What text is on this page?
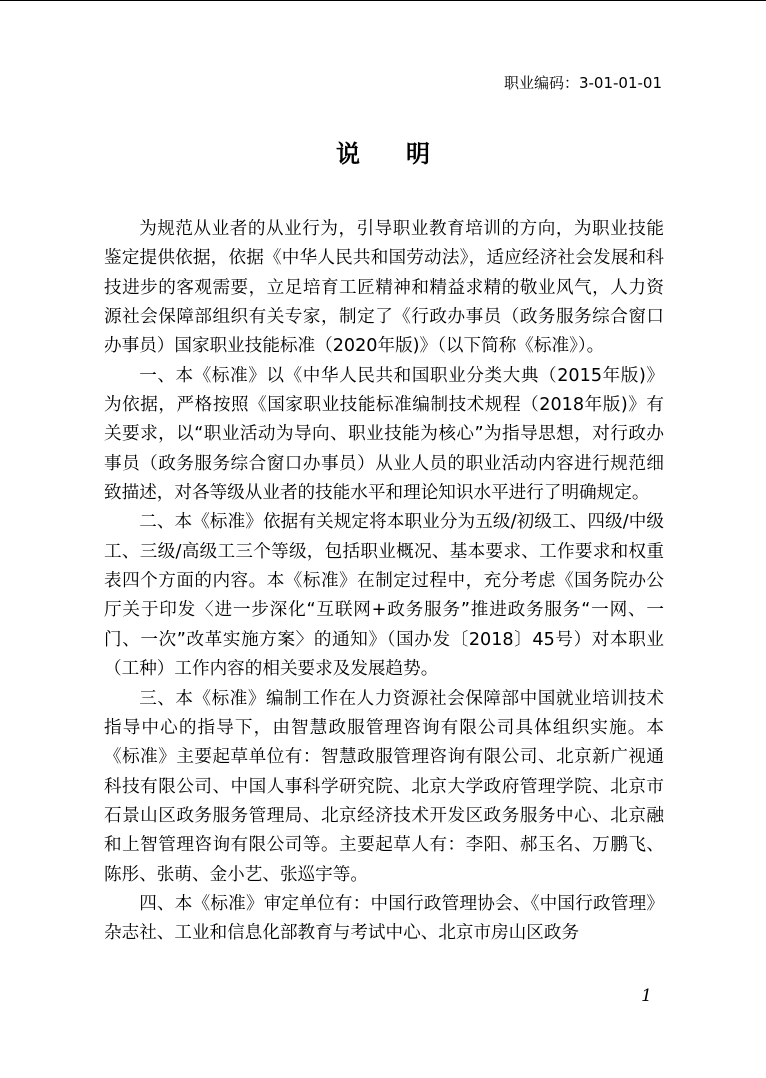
职业编码：3-01-01-01
说明

为规范从业者的从业行为，引导职业教育培训的方向，为职业技能鉴定提供依据，依据《中华人民共和国劳动法》，适应经济社会发展和科技进步的客观需要，立足培育工匠精神和精益求精的敬业风气，人力资源社会保障部组织有关专家，制定了《行政办事员（政务服务综合窗口办事员）国家职业技能标准（2020年版)》（以下简称《标准》）。

一、本《标准》以《中华人民共和国职业分类大典（2015年版)》为依据，严格按照《国家职业技能标准编制技术规程（2018年版)》有关要求，以“职业活动为导向、职业技能为核心”为指导思想，对行政办事员（政务服务综合窗口办事员）从业人员的职业活动内容进行规范细致描述，对各等级从业者的技能水平和理论知识水平进行了明确规定。

二、本《标准》依据有关规定将本职业分为五级/初级工、四级/中级工、三级/高级工三个等级，包括职业概况、基本要求、工作要求和权重表四个方面的内容。本《标准》在制定过程中，充分考虑《国务院办公厅关于印发〈进一步深化“互联网+政务服务”推进政务服务“一网、一门、一次”改革实施方案〉的通知》（国办发〔2018〕45号）对本职业（工种）工作内容的相关要求及发展趋势。

三、本《标准》编制工作在人力资源社会保障部中国就业培训技术指导中心的指导下，由智慧政服管理咨询有限公司具体组织实施。本《标准》主要起草单位有：智慧政服管理咨询有限公司、北京新广视通科技有限公司、中国人事科学研究院、北京大学政府管理学院、北京市石景山区政务服务管理局、北京经济技术开发区政务服务中心、北京融和上智管理咨询有限公司等。主要起草人有：李阳、郝玉名、万鹏飞、陈彤、张萌、金小艺、张巡宇等。

四、本《标准》审定单位有：中国行政管理协会、《中国行政管理》杂志社、工业和信息化部教育与考试中心、北京市房山区政务

1
